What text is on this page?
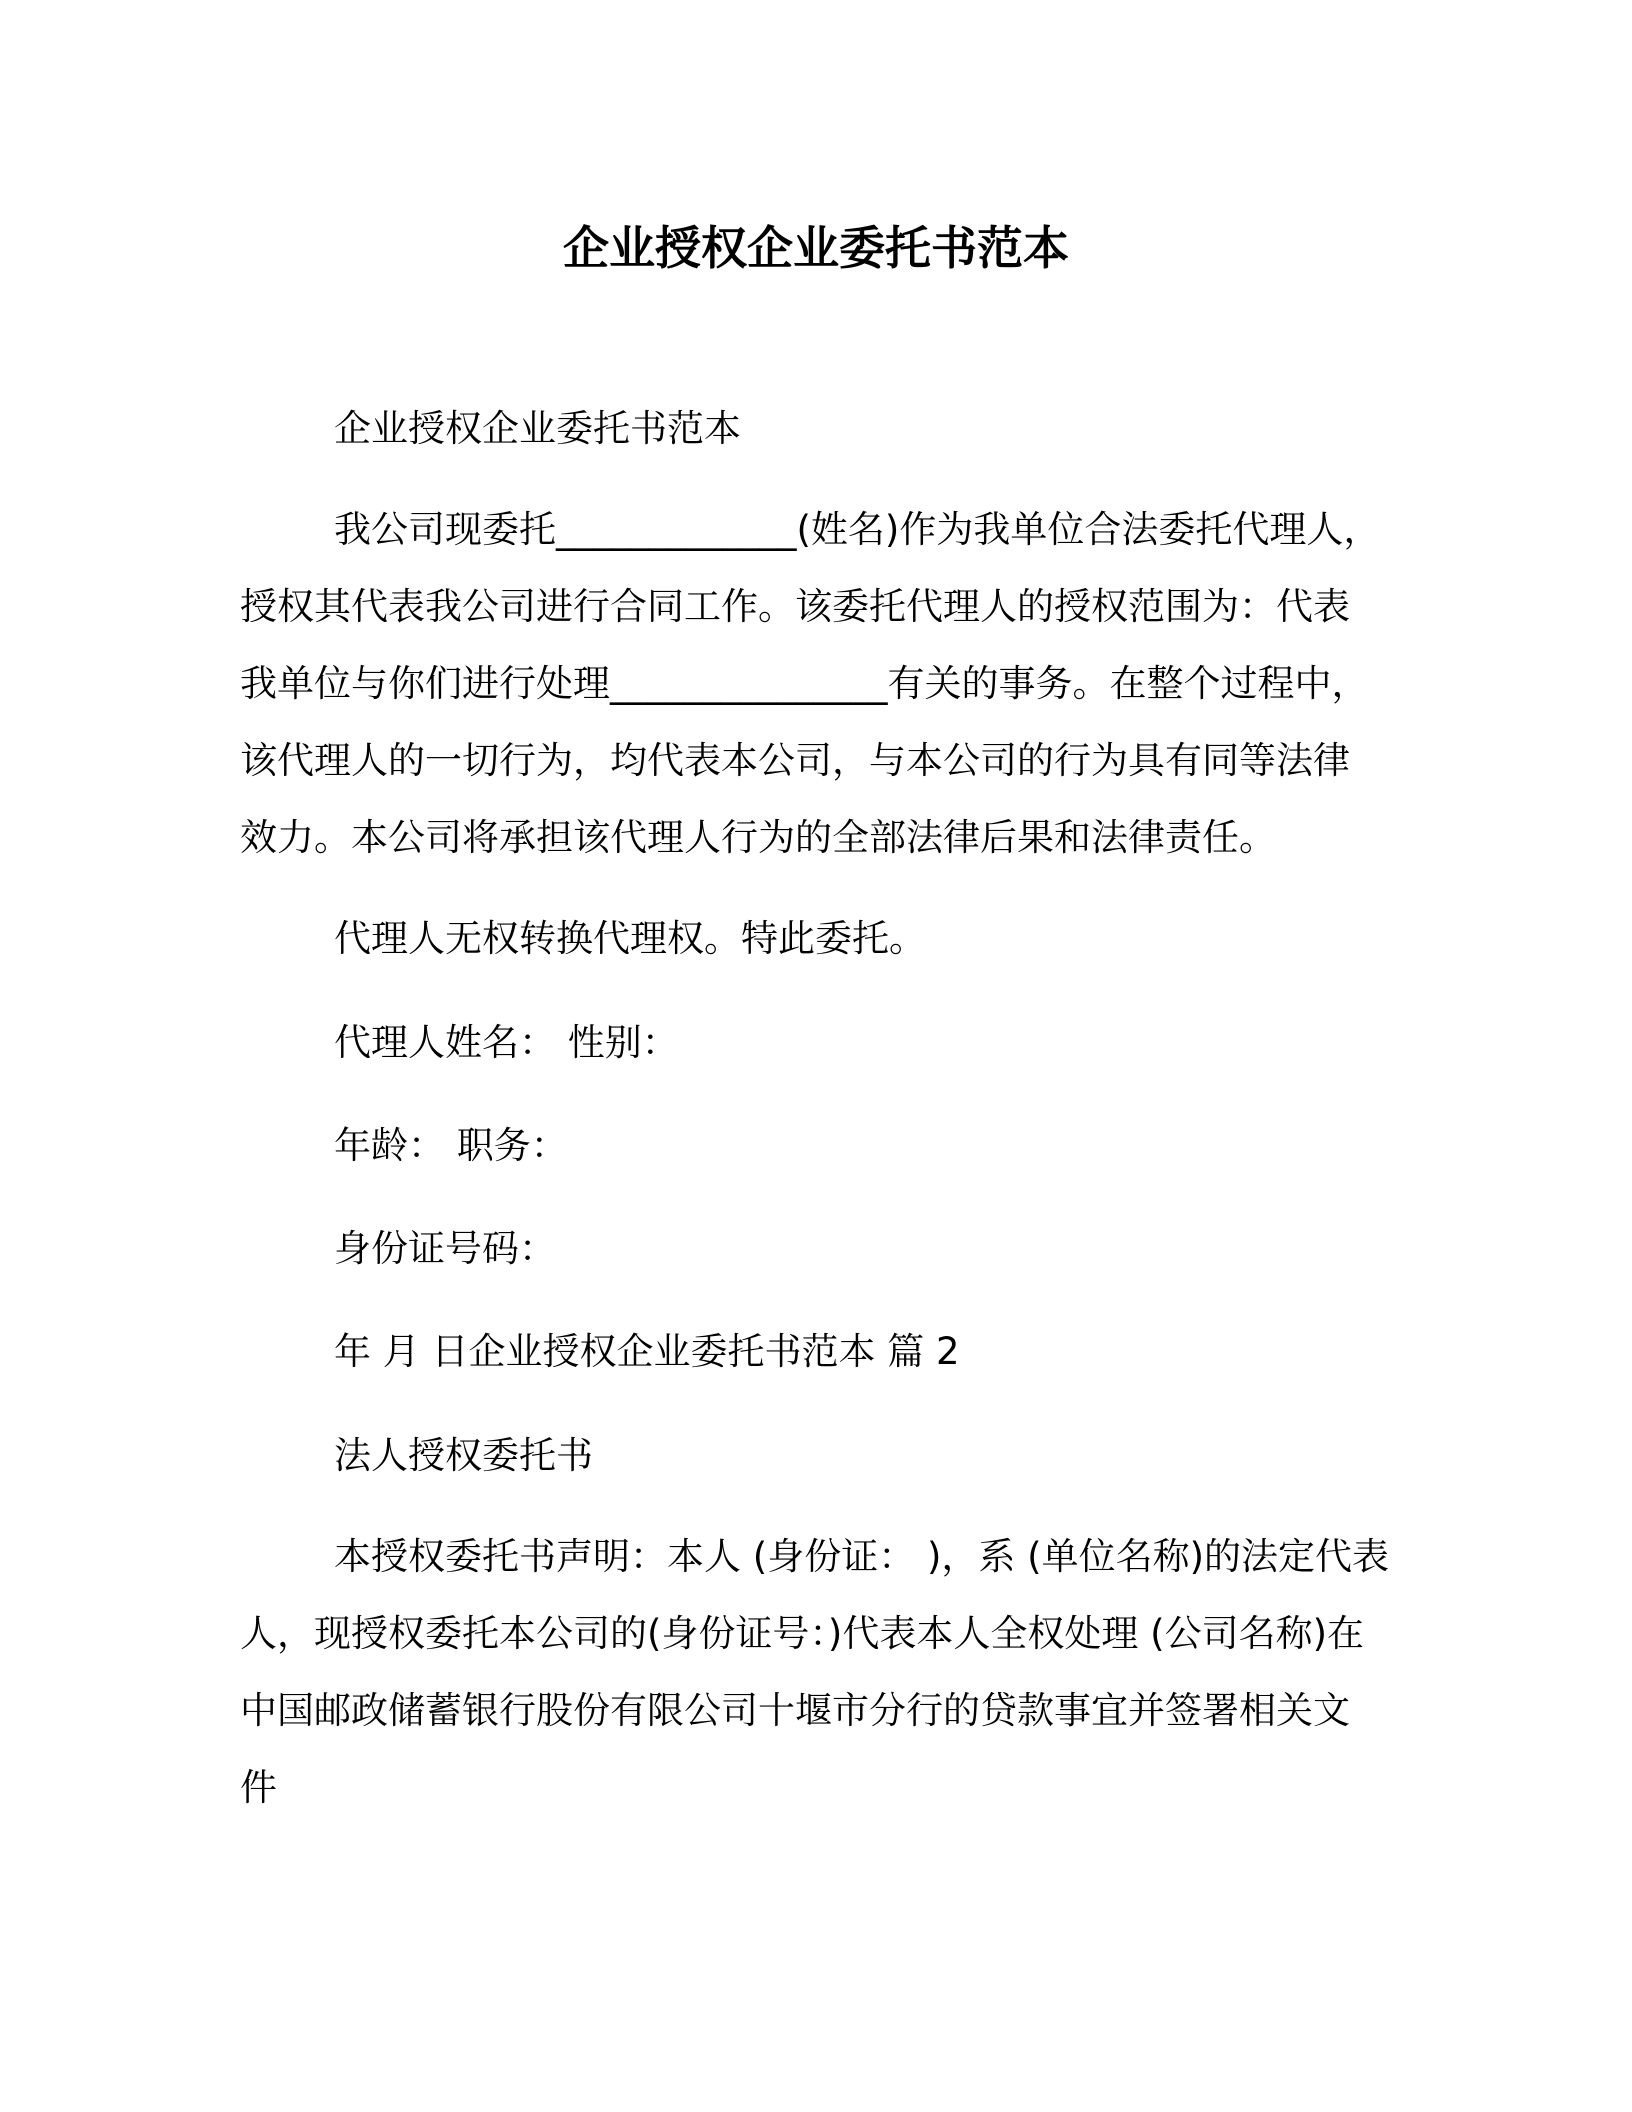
企业授权企业委托书范本
企业授权企业委托书范本
我公司现委托_____________(姓名)作为我单位合法委托代理人，
授权其代表我公司进行合同工作。该委托代理人的授权范围为：代表
我单位与你们进行处理_______________有关的事务。在整个过程中，
该代理人的一切行为，均代表本公司，与本公司的行为具有同等法律
效力。本公司将承担该代理人行为的全部法律后果和法律责任。
代理人无权转换代理权。特此委托。
代理人姓名： 性别：
年龄： 职务：
身份证号码：
年 月 日企业授权企业委托书范本 篇 2
法人授权委托书
本授权委托书声明：本人 (身份证： )，系 (单位名称)的法定代表
人，现授权委托本公司的(身份证号：)代表本人全权处理 (公司名称)在
中国邮政储蓄银行股份有限公司十堰市分行的贷款事宜并签署相关文
件
